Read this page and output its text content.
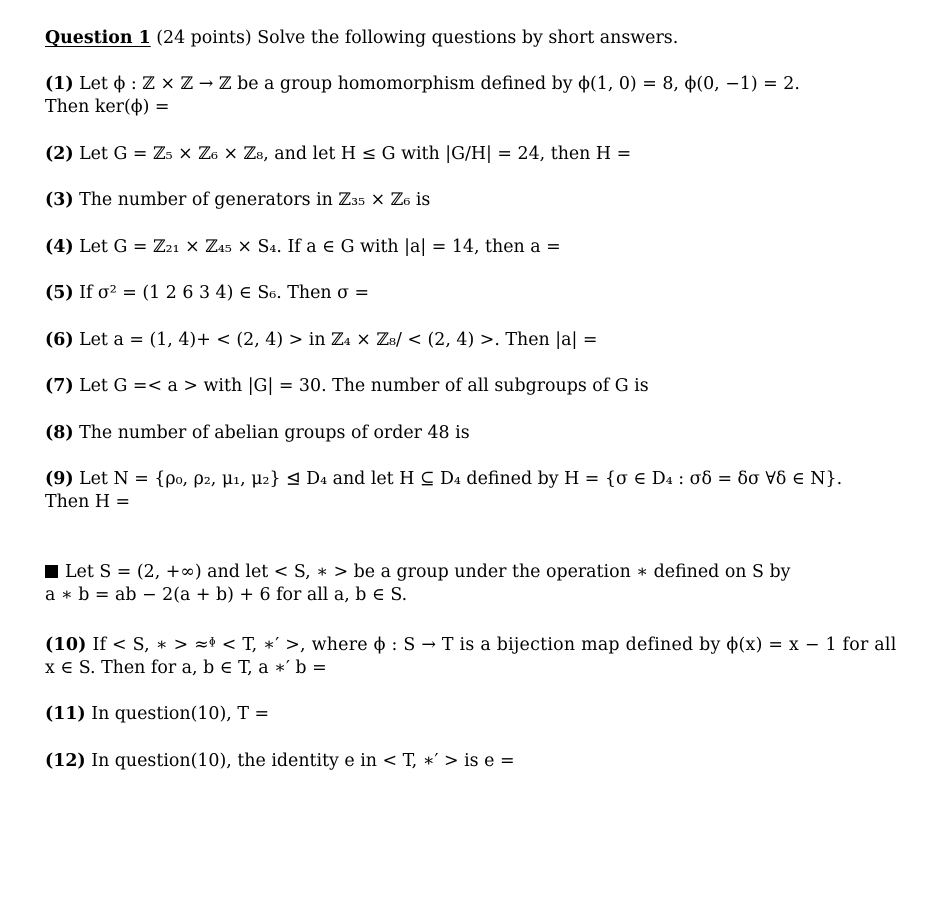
Question 1 (24 points) Solve the following questions by short answers.
(1) Let ϕ : ℤ × ℤ → ℤ be a group homomorphism defined by ϕ(1, 0) = 8, ϕ(0, −1) = 2.
Then ker(ϕ) =
(2) Let G = ℤ₅ × ℤ₆ × ℤ₈, and let H ≤ G with |G/H| = 24, then H =
(3) The number of generators in ℤ₃₅ × ℤ₆ is
(4) Let G = ℤ₂₁ × ℤ₄₅ × S₄. If a ∈ G with |a| = 14, then a =
(5) If σ² = (1 2 6 3 4) ∈ S₆. Then σ =
(6) Let a = (1, 4)+ < (2, 4) > in ℤ₄ × ℤ₈/ < (2, 4) >. Then |a| =
(7) Let G =< a > with |G| = 30. The number of all subgroups of G is
(8) The number of abelian groups of order 48 is
(9) Let N = {ρ₀, ρ₂, μ₁, μ₂} ⊴ D₄ and let H ⊆ D₄ defined by H = {σ ∈ D₄ : σδ = δσ ∀δ ∈ N}.
Then H =
Let S = (2, +∞) and let < S, ∗ > be a group under the operation ∗ defined on S by
a ∗ b = ab − 2(a + b) + 6 for all a, b ∈ S.
(10) If < S, ∗ > ≈ᶲ < T, ∗′ >, where ϕ : S → T is a bijection map defined by ϕ(x) = x − 1 for all
x ∈ S. Then for a, b ∈ T, a ∗′ b =
(11) In question(10), T =
(12) In question(10), the identity e in < T, ∗′ > is e =
